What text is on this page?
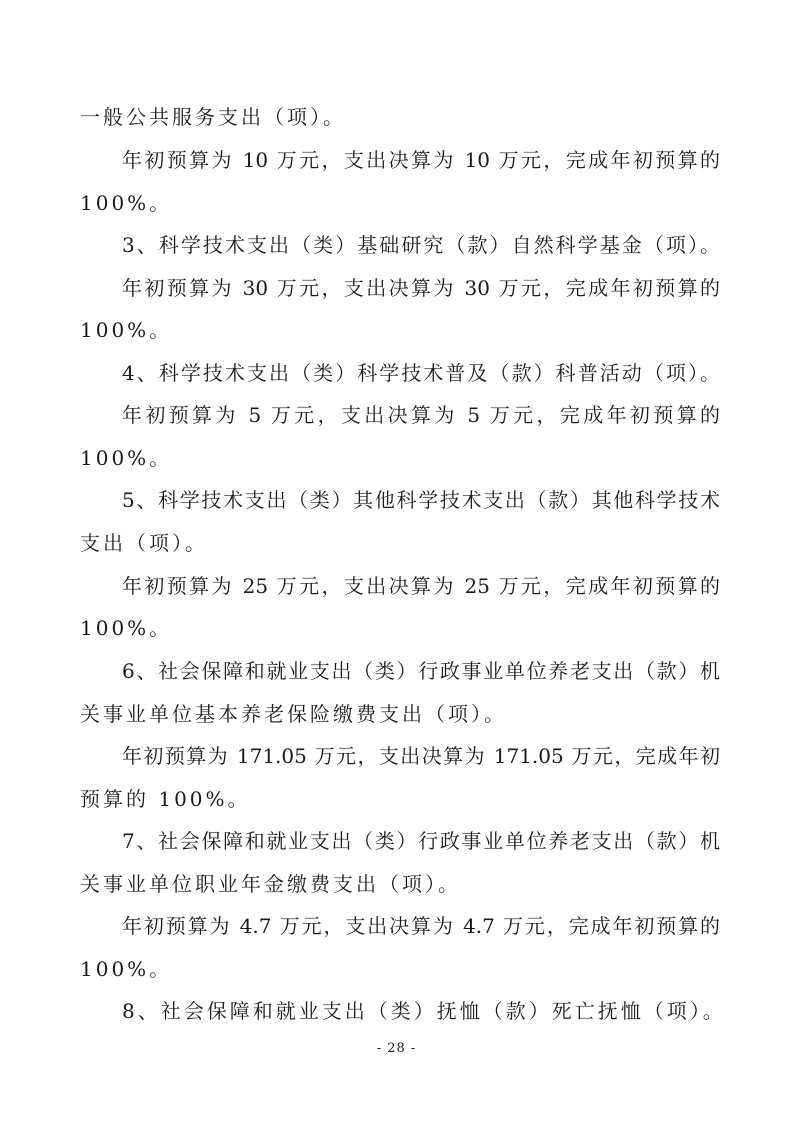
一般公共服务支出（项）。
年初预算为 10 万元，支出决算为 10 万元，完成年初预算的
100%。
3、科学技术支出（类）基础研究（款）自然科学基金（项）。
年初预算为 30 万元，支出决算为 30 万元，完成年初预算的
100%。
4、科学技术支出（类）科学技术普及（款）科普活动（项）。
年初预算为 5 万元，支出决算为 5 万元，完成年初预算的
100%。
5、科学技术支出（类）其他科学技术支出（款）其他科学技术
支出（项）。
年初预算为 25 万元，支出决算为 25 万元，完成年初预算的
100%。
6、社会保障和就业支出（类）行政事业单位养老支出（款）机
关事业单位基本养老保险缴费支出（项）。
年初预算为 171.05 万元，支出决算为 171.05 万元，完成年初
预算的 100%。
7、社会保障和就业支出（类）行政事业单位养老支出（款）机
关事业单位职业年金缴费支出（项）。
年初预算为 4.7 万元，支出决算为 4.7 万元，完成年初预算的
100%。
8、社会保障和就业支出（类）抚恤（款）死亡抚恤（项）。
- 28 -
